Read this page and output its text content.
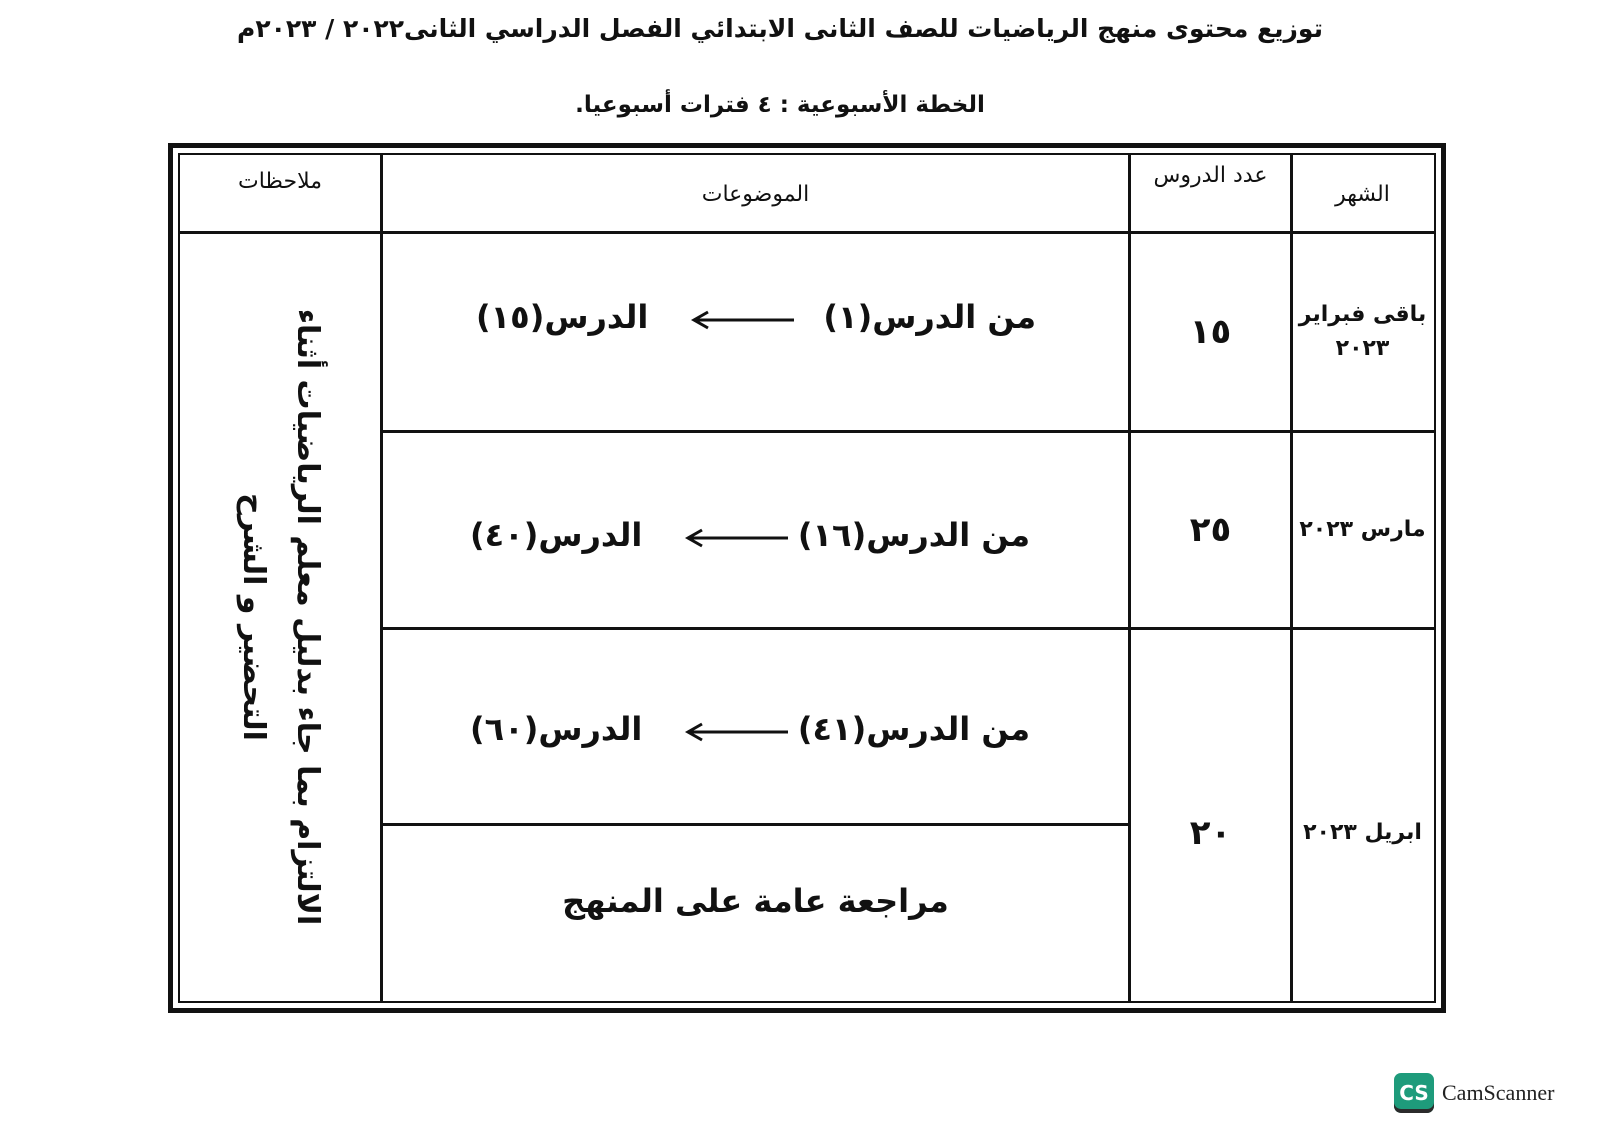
توزيع محتوى منهج الرياضيات للصف الثانى الابتدائي الفصل الدراسي الثانى٢٠٢٢ / ٢٠٢٣م
الخطة الأسبوعية : ٤ فترات أسبوعيا.
الشهر
عدد الدروس
الموضوعات
ملاحظات
باقى فبراير ٢٠٢٣
١٥
من الدرس(١)
الدرس(١٥)
مارس ٢٠٢٣
٢٥
من الدرس(١٦)
الدرس(٤٠)
ابريل ٢٠٢٣
٢٠
من الدرس(٤١)
الدرس(٦٠)
مراجعة عامة على المنهج
الالتزام بما جاء بدليل معلم الرياضيات أثناء التحضير و الشرح
CS CamScanner
